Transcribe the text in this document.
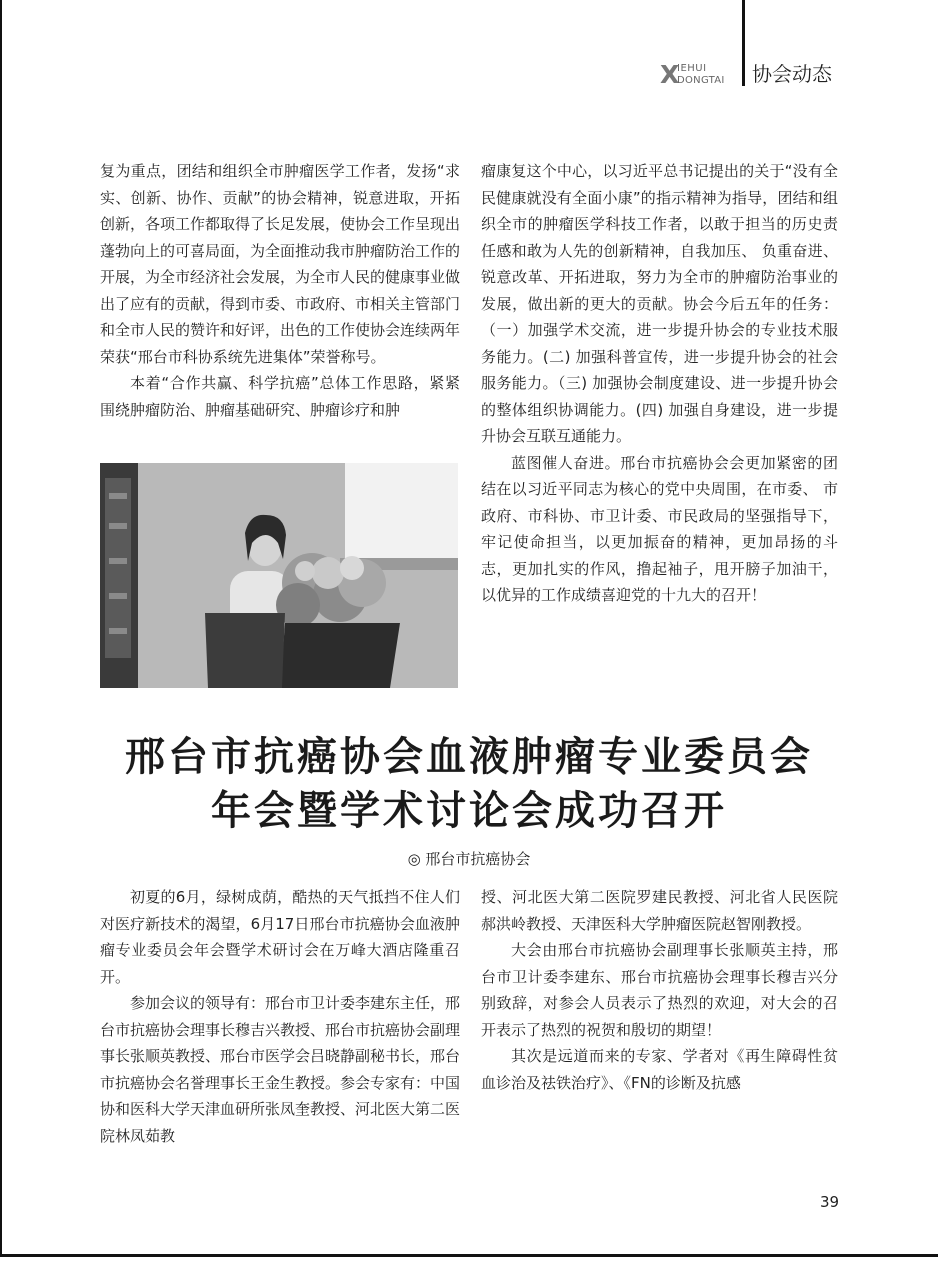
X
IEHUI
DONGTAI 协会动态

复为重点，团结和组织全市肿瘤医学工作者，发扬“求实、创新、协作、贡献”的协会精神，锐意进取，开拓创新，各项工作都取得了长足发展，使协会工作呈现出蓬勃向上的可喜局面，为全面推动我市肿瘤防治工作的开展，为全市经济社会发展，为全市人民的健康事业做出了应有的贡献，得到市委、市政府、市相关主管部门和全市人民的赞许和好评，出色的工作使协会连续两年荣获“邢台市科协系统先进集体”荣誉称号。

本着“合作共赢、科学抗癌”总体工作思路，紧紧围绕肿瘤防治、肿瘤基础研究、肿瘤诊疗和肿

瘤康复这个中心，以习近平总书记提出的关于“没有全民健康就没有全面小康”的指示精神为指导，团结和组织全市的肿瘤医学科技工作者，以敢于担当的历史责任感和敢为人先的创新精神，自我加压、 负重奋进、锐意改革、开拓进取，努力为全市的肿瘤防治事业的发展，做出新的更大的贡献。协会今后五年的任务：（一）加强学术交流，进一步提升协会的专业技术服务能力。(二) 加强科普宣传，进一步提升协会的社会服务能力。（三) 加强协会制度建设、进一步提升协会的整体组织协调能力。(四) 加强自身建设，进一步提升协会互联互通能力。

蓝图催人奋进。邢台市抗癌协会会更加紧密的团结在以习近平同志为核心的党中央周围，在市委、 市政府、市科协、市卫计委、市民政局的坚强指导下，牢记使命担当，以更加振奋的精神，更加昂扬的斗志，更加扎实的作风，撸起袖子，甩开膀子加油干，以优异的工作成绩喜迎党的十九大的召开！

邢台市抗癌协会血液肿瘤专业委员会
年会暨学术讨论会成功召开
◎ 邢台市抗癌协会

初夏的6月，绿树成荫，酷热的天气抵挡不住人们对医疗新技术的渴望，6月17日邢台市抗癌协会血液肿瘤专业委员会年会暨学术研讨会在万峰大酒店隆重召开。

参加会议的领导有：邢台市卫计委李建东主任，邢台市抗癌协会理事长穆吉兴教授、邢台市抗癌协会副理事长张顺英教授、邢台市医学会吕晓静副秘书长，邢台市抗癌协会名誉理事长王金生教授。参会专家有：中国协和医科大学天津血研所张凤奎教授、河北医大第二医院林凤茹教

授、河北医大第二医院罗建民教授、河北省人民医院郝洪岭教授、天津医科大学肿瘤医院赵智刚教授。

大会由邢台市抗癌协会副理事长张顺英主持，邢台市卫计委李建东、邢台市抗癌协会理事长穆吉兴分别致辞，对参会人员表示了热烈的欢迎，对大会的召开表示了热烈的祝贺和殷切的期望！

其次是远道而来的专家、学者对《再生障碍性贫血诊治及祛铁治疗》、《FN的诊断及抗感

39
